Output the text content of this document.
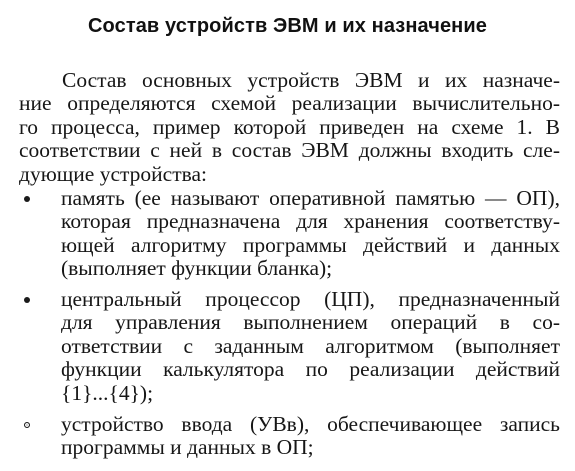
Состав устройств ЭВМ и их назначение
Состав основных устройств ЭВМ и их назначе-
ние определяются схемой реализации вычислительно-
го процесса, пример которой приведен на схеме 1. В
соответствии с ней в состав ЭВМ должны входить сле-
дующие устройства:
память (ее называют оперативной памятью — ОП),
которая предназначена для хранения соответству-
ющей алгоритму программы действий и данных
(выполняет функции бланка);
центральный процессор (ЦП), предназначенный
для управления выполнением операций в со-
ответствии с заданным алгоритмом (выполняет
функции калькулятора по реализации действий
{1}...{4});
устройство ввода (УВв), обеспечивающее запись
программы и данных в ОП;
